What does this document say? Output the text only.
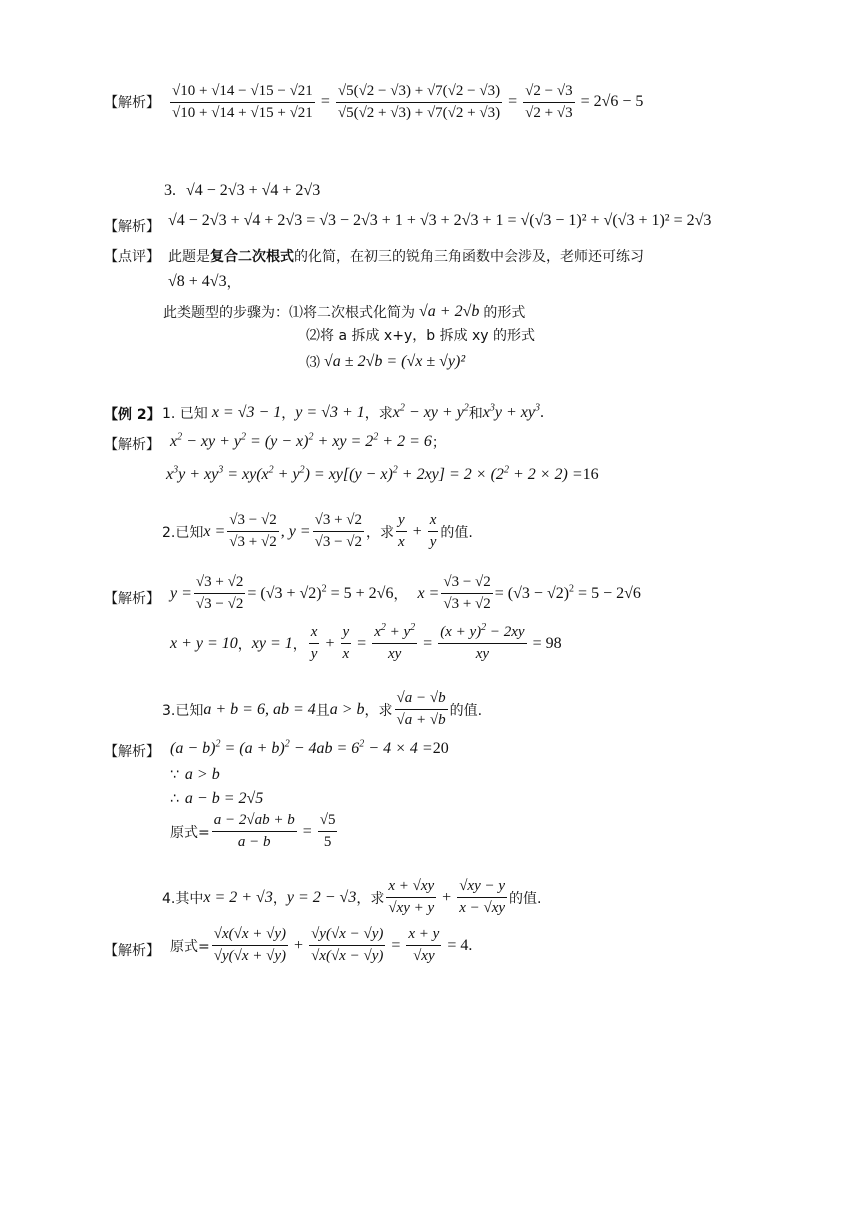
【解析】 $\frac{√10 + √14 - √15 - √21}{√10 + √14 + √15 + √21} = \frac{√5(√2 - √3) + √7(√2 - √3)}{√5(√2 + √3) + √7(√2 + √3)} = \frac{√2 - √3}{√2 + √3} = 2√6 - 5$
3. √4 − 2√3 + √4 + 2√3
【解析】 √4 − 2√3 + √4 + 2√3 = √3 − 2√3 + 1 + √3 + 2√3 + 1 = √(√3 − 1)² + √(√3 + 1)² = 2√3
【点评】 此题是 复合二次根式 的化简，在初三的锐角三角函数中会涉及，老师还可练习
√8 + 4√3 ，
此类题型的步骤为：⑴将二次根式化简为 √a + 2√b 的形式
⑵将 a 拆成 x+y，b 拆成 xy 的形式
⑶ √a ± 2√b = (√x ± √y)²
【例 2】 1. 已知 x = √3 − 1 ， y = √3 + 1 ，求 $x^2$ − xy + $y^2$ 和 $x^3y + xy^3$ .
【解析】 $x^2$ − xy + $y^2 = (y - x)^2$ + xy = $2^2 + 2 = 6$ ；
$x^3y + xy^3 = xy(x^2 + y^2) = xy[(y - x)^2 + 2xy] = 2 \times (2^2 + 2 \times 2) = 16$
2.已知 $x = \frac{√3 - √2}{√3 + √2}$ , $y = \frac{√3 + √2}{√3 - √2}$ ，求 $\frac{y}{x} + \frac{x}{y}$ 的值.
【解析】 $y = \frac{√3 + √2}{√3 - √2} = (√3 + √2)^2 = 5 + 2√6$ ， $x = \frac{√3 - √2}{√3 + √2} = (√3 - √2)^2 = 5 - 2√6$
x + y = 10 ， xy = 1 ， $\frac{x}{y} + \frac{y}{x} = \frac{x^2 + y^2}{xy} = \frac{(x + y)^2 - 2xy}{xy} = 98$
3.已知 a + b = 6 , ab = 4 且 a > b ，求 $\frac{√a - √b}{√a + √b}$ 的值.
【解析】 $(a - b)^2 = (a + b)^2 - 4ab = 6^2 - 4 \times 4 = 20$
∵ a > b
∴ a − b = 2√5
原式= $\frac{a - 2√ab + b}{a - b} = \frac{√5}{5}$
4.其中 x = 2 + √3 ， y = 2 − √3 ，求 $\frac{x + √xy}{√xy + y} + \frac{√xy - y}{x - √xy}$ 的值.
【解析】 原式= $\frac{√x(√x + √y)}{√y(√x + √y)} + \frac{√y(√x - √y)}{√x(√x - √y)} = \frac{x + y}{√xy} = 4$ .
